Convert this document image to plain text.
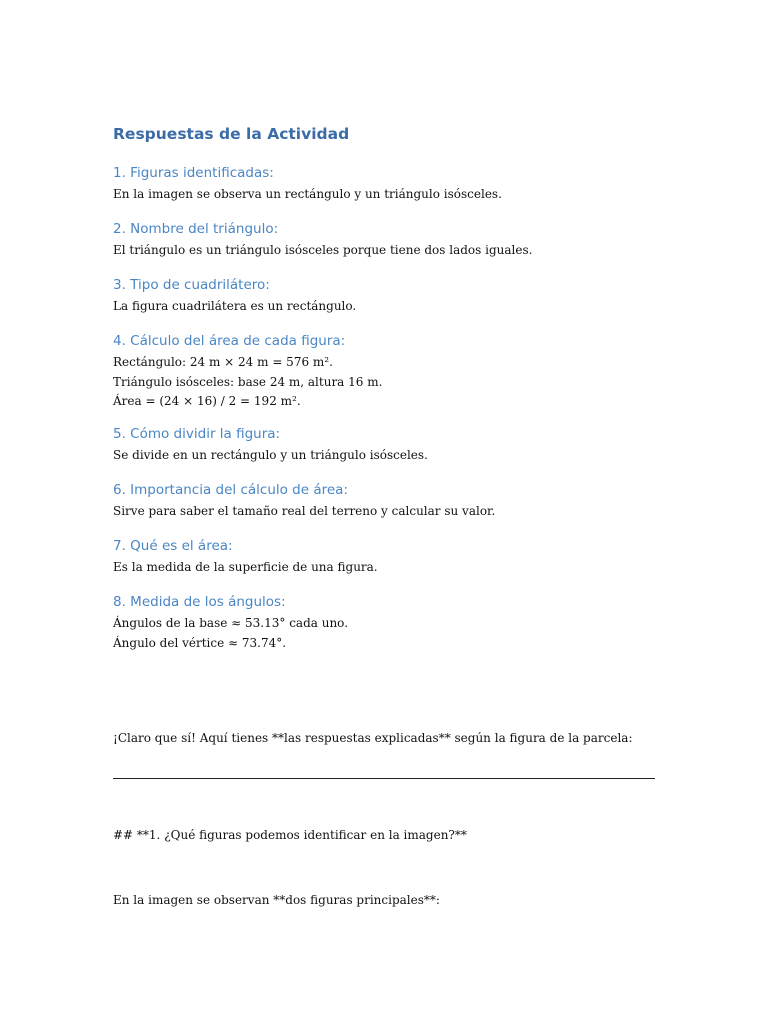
Respuestas de la Actividad
1. Figuras identificadas:
En la imagen se observa un rectángulo y un triángulo isósceles.
2. Nombre del triángulo:
El triángulo es un triángulo isósceles porque tiene dos lados iguales.
3. Tipo de cuadrilátero:
La figura cuadrilátera es un rectángulo.
4. Cálculo del área de cada figura:
Rectángulo: 24 m × 24 m = 576 m².
Triángulo isósceles: base 24 m, altura 16 m.
Área = (24 × 16) / 2 = 192 m².
5. Cómo dividir la figura:
Se divide en un rectángulo y un triángulo isósceles.
6. Importancia del cálculo de área:
Sirve para saber el tamaño real del terreno y calcular su valor.
7. Qué es el área:
Es la medida de la superficie de una figura.
8. Medida de los ángulos:
Ángulos de la base ≈ 53.13° cada uno.
Ángulo del vértice ≈ 73.74°.
¡Claro que sí! Aquí tienes **las respuestas explicadas** según la figura de la parcela:
## **1. ¿Qué figuras podemos identificar en la imagen?**
En la imagen se observan **dos figuras principales**:
